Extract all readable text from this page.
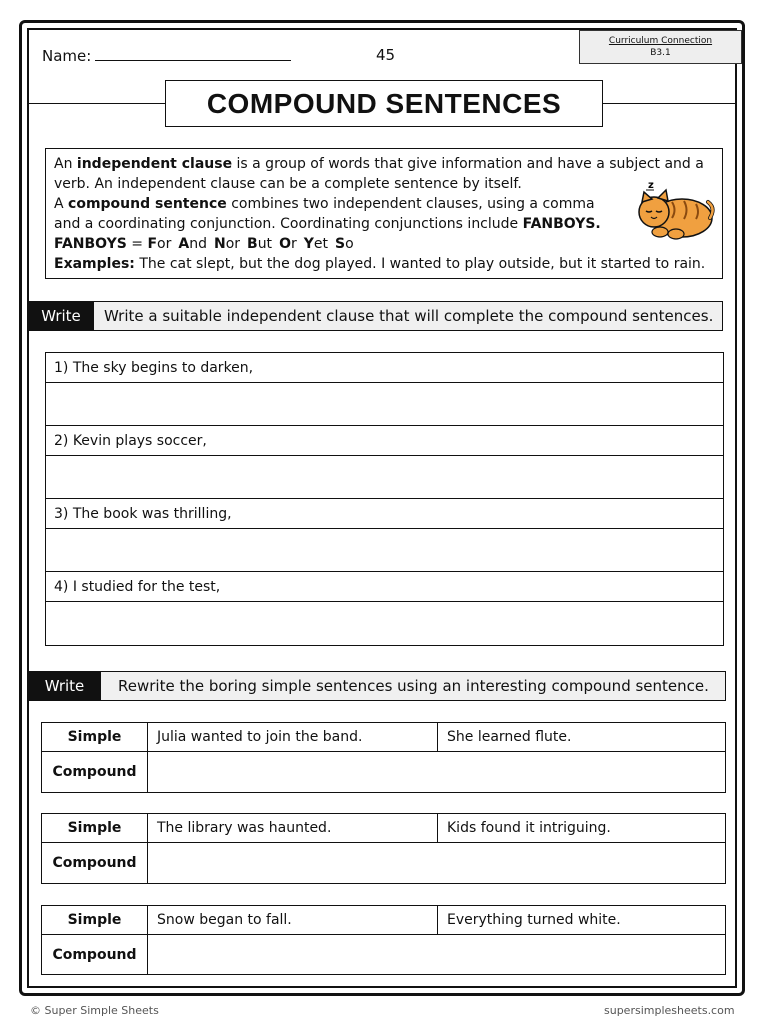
Name:	45
Curriculum Connection
B3.1
COMPOUND SENTENCES

An independent clause is a group of words that give information and have a subject and a verb. An independent clause can be a complete sentence by itself.

A compound sentence combines two independent clauses, using a comma and a coordinating conjunction. Coordinating conjunctions include FANBOYS.

FANBOYS = For  And  Nor  But  Or  Yet  So

Examples: The cat slept, but the dog played. I wanted to play outside, but it started to rain.

z
Write	Write a suitable independent clause that will complete the compound sentences.
1) The sky begins to darken,
2) Kevin plays soccer,
3) The book was thrilling,
4) I studied for the test,
Write	Rewrite the boring simple sentences using an interesting compound sentence.
Simple	Julia wanted to join the band.	She learned flute.
Compound
Simple	The library was haunted.	Kids found it intriguing.
Compound
Simple	Snow began to fall.	Everything turned white.
Compound
© Super Simple Sheets	supersimplesheets.com
